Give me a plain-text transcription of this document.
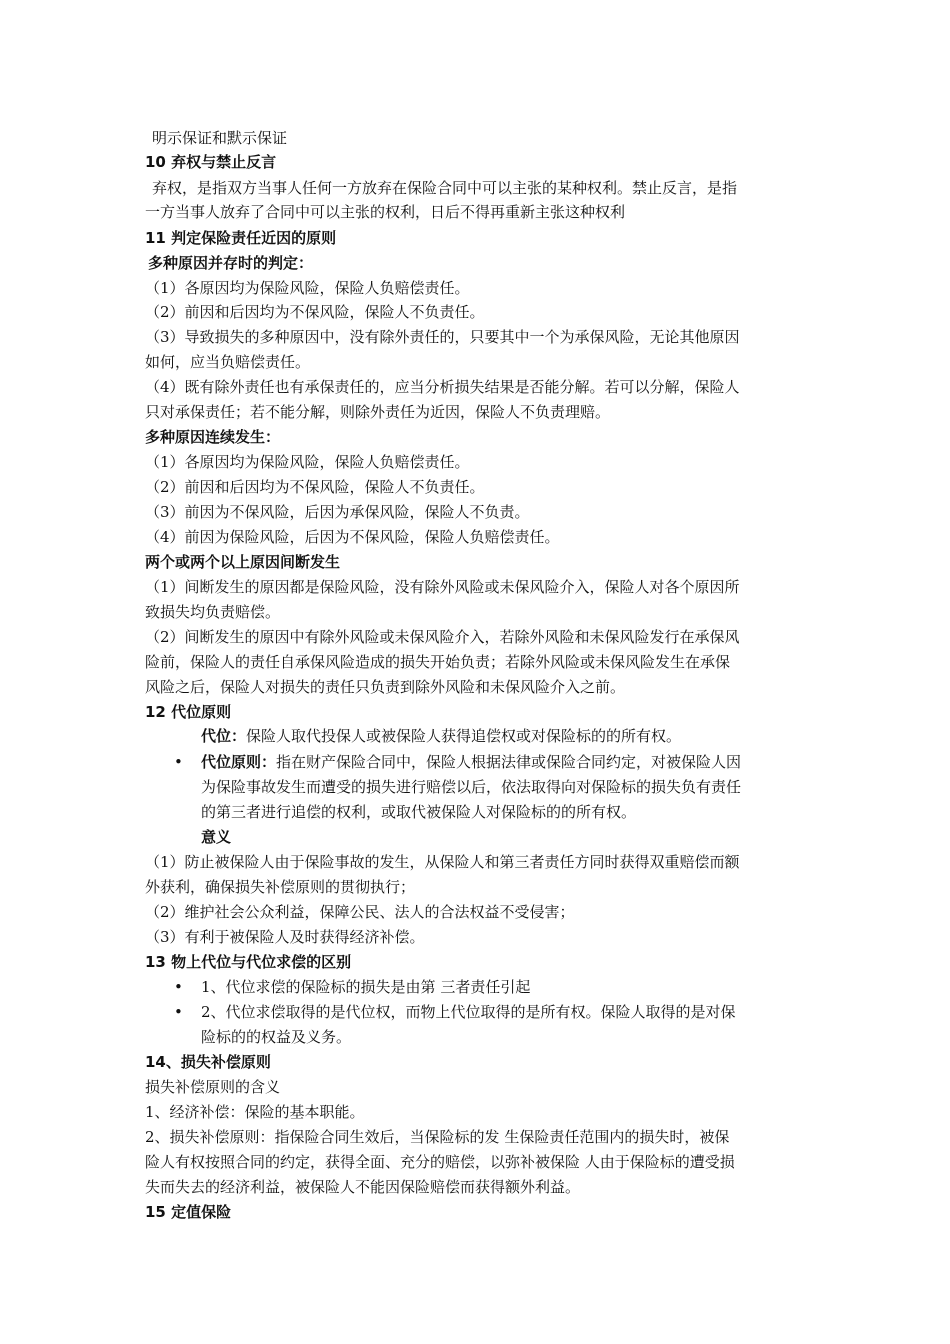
明示保证和默示保证
10 弃权与禁止反言
弃权，是指双方当事人任何一方放弃在保险合同中可以主张的某种权利。禁止反言，是指
一方当事人放弃了合同中可以主张的权利，日后不得再重新主张这种权利
11 判定保险责任近因的原则
多种原因并存时的判定：
（1）各原因均为保险风险，保险人负赔偿责任。
（2）前因和后因均为不保风险，保险人不负责任。
（3）导致损失的多种原因中，没有除外责任的，只要其中一个为承保风险，无论其他原因
如何，应当负赔偿责任。
（4）既有除外责任也有承保责任的，应当分析损失结果是否能分解。若可以分解，保险人
只对承保责任；若不能分解，则除外责任为近因，保险人不负责理赔。
多种原因连续发生：
（1）各原因均为保险风险，保险人负赔偿责任。
（2）前因和后因均为不保风险，保险人不负责任。
（3）前因为不保风险，后因为承保风险，保险人不负责。
（4）前因为保险风险，后因为不保风险，保险人负赔偿责任。
两个或两个以上原因间断发生
（1）间断发生的原因都是保险风险，没有除外风险或未保风险介入，保险人对各个原因所
致损失均负责赔偿。
（2）间断发生的原因中有除外风险或未保风险介入，若除外风险和未保风险发行在承保风
险前，保险人的责任自承保风险造成的损失开始负责；若除外风险或未保风险发生在承保
风险之后，保险人对损失的责任只负责到除外风险和未保风险介入之前。
12 代位原则
代位：保险人取代投保人或被保险人获得追偿权或对保险标的的所有权。
• 代位原则：指在财产保险合同中，保险人根据法律或保险合同约定，对被保险人因
为保险事故发生而遭受的损失进行赔偿以后，依法取得向对保险标的损失负有责任
的第三者进行追偿的权利，或取代被保险人对保险标的的所有权。
意义
（1）防止被保险人由于保险事故的发生，从保险人和第三者责任方同时获得双重赔偿而额
外获利，确保损失补偿原则的贯彻执行；
（2）维护社会公众利益，保障公民、法人的合法权益不受侵害；
（3）有利于被保险人及时获得经济补偿。
13 物上代位与代位求偿的区别
• 1、代位求偿的保险标的损失是由第 三者责任引起
• 2、代位求偿取得的是代位权，而物上代位取得的是所有权。保险人取得的是对保
险标的的权益及义务。
14、损失补偿原则
损失补偿原则的含义
1、经济补偿：保险的基本职能。
2、损失补偿原则：指保险合同生效后，当保险标的发 生保险责任范围内的损失时，被保
险人有权按照合同的约定，获得全面、充分的赔偿，以弥补被保险 人由于保险标的遭受损
失而失去的经济利益，被保险人不能因保险赔偿而获得额外利益。
15 定值保险
